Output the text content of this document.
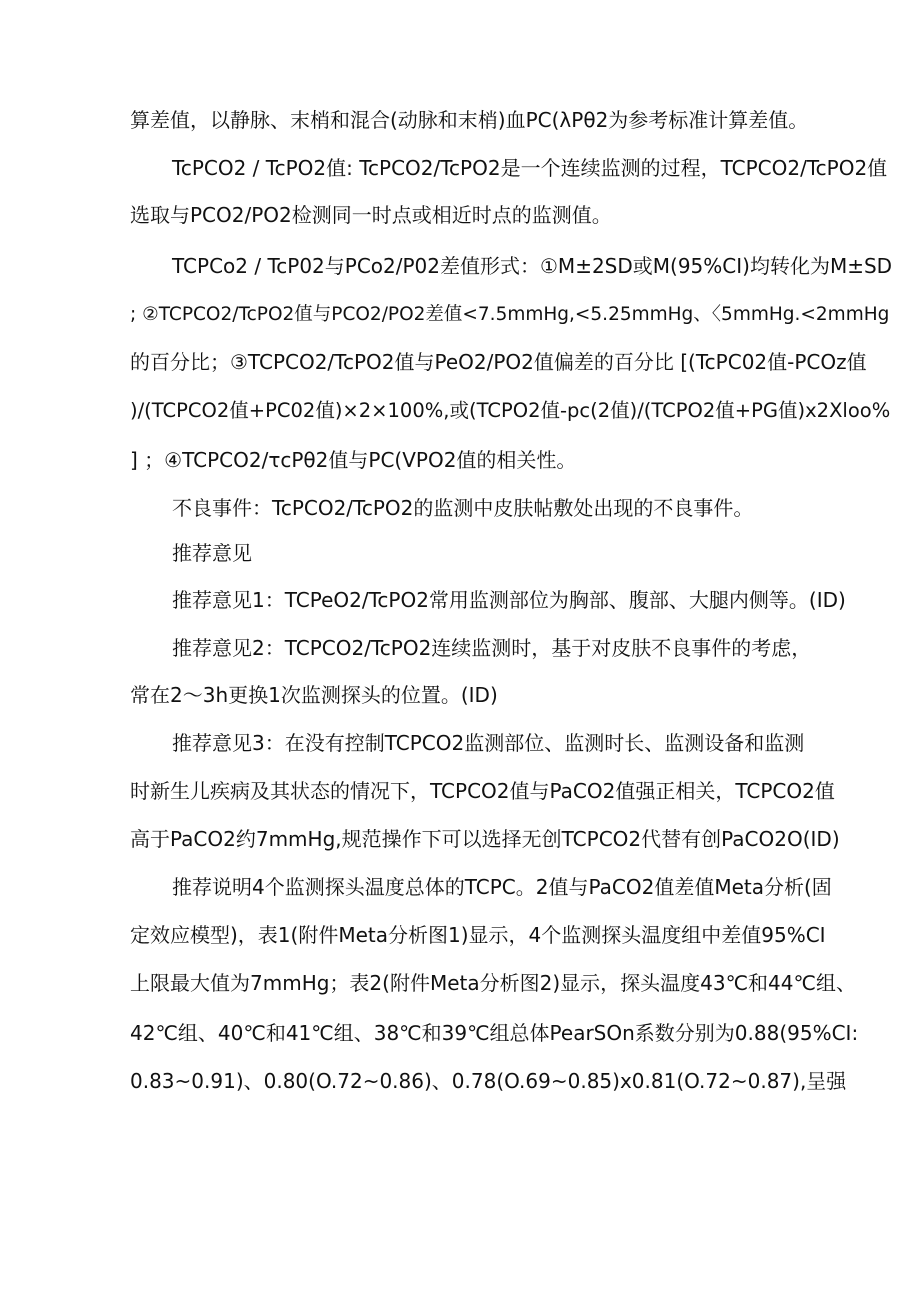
算差值，以静脉、末梢和混合(动脉和末梢)血PC(λPθ2为参考标准计算差值。
TcPCO2 / TcPO2值: TcPCO2/TcPO2是一个连续监测的过程，TCPCO2/TcPO2值
选取与PCO2/PO2检测同一时点或相近时点的监测值。
TCPCo2 / TcP02与PCo2/P02差值形式：①M±2SD或M(95%CI)均转化为M±SD
; ②TCPCO2/TcPO2值与PCO2/PO2差值<7.5mmHg,<5.25mmHg、〈5mmHg.<2mmHg
的百分比；③TCPCO2/TcPO2值与PeO2/PO2值偏差的百分比 [(TcPC02值-PCOz值
)/(TCPCO2值+PC02值)×2×100%,或(TCPO2值-pc(2值)/(TCPO2值+PG值)x2Xloo%
] ；④TCPCO2/τcPθ2值与PC(VPO2值的相关性。
不良事件：TcPCO2/TcPO2的监测中皮肤帖敷处出现的不良事件。
推荐意见
推荐意见1：TCPeO2/TcPO2常用监测部位为胸部、腹部、大腿内侧等。(ID)
推荐意见2：TCPCO2/TcPO2连续监测时，基于对皮肤不良事件的考虑，
常在2～3h更换1次监测探头的位置。(ID)
推荐意见3：在没有控制TCPCO2监测部位、监测时长、监测设备和监测
时新生儿疾病及其状态的情况下，TCPCO2值与PaCO2值强正相关，TCPCO2值
高于PaCO2约7mmHg,规范操作下可以选择无创TCPCO2代替有创PaCO2O(ID)
推荐说明4个监测探头温度总体的TCPC。2值与PaCO2值差值Meta分析(固
定效应模型)，表1(附件Meta分析图1)显示，4个监测探头温度组中差值95%CI
上限最大值为7mmHg；表2(附件Meta分析图2)显示，探头温度43℃和44℃组、
42℃组、40℃和41℃组、38℃和39℃组总体PearSOn系数分别为0.88(95%CI:
0.83~0.91)、0.80(O.72~0.86)、0.78(O.69~0.85)x0.81(O.72~0.87),呈强
